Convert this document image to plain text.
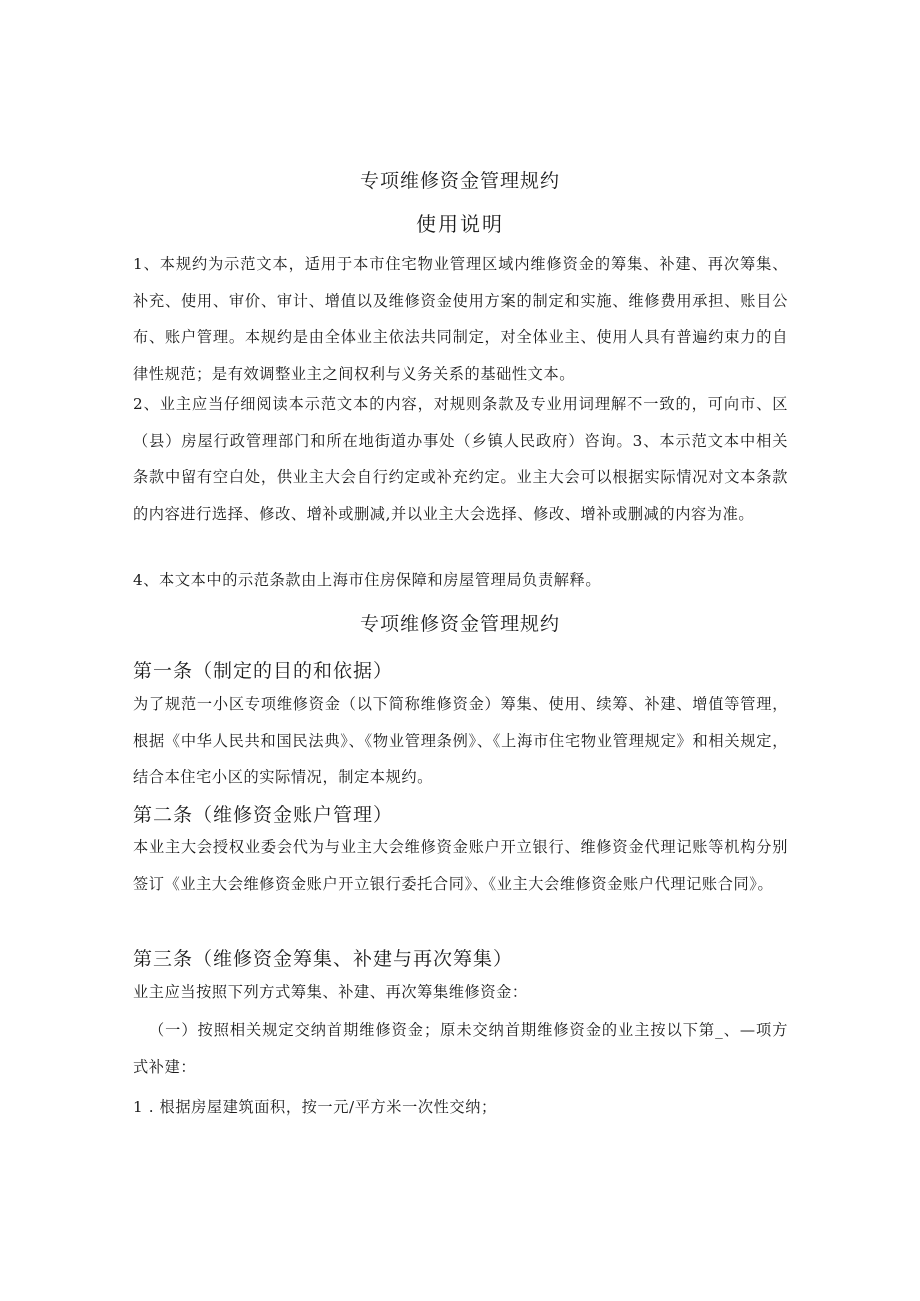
专项维修资金管理规约
使用说明

1、本规约为示范文本，适用于本市住宅物业管理区域内维修资金的筹集、补建、再次筹集、补充、使用、审价、审计、增值以及维修资金使用方案的制定和实施、维修费用承担、账目公布、账户管理。本规约是由全体业主依法共同制定，对全体业主、使用人具有普遍约束力的自律性规范；是有效调整业主之间权利与义务关系的基础性文本。

2、业主应当仔细阅读本示范文本的内容，对规则条款及专业用词理解不一致的，可向市、区（县）房屋行政管理部门和所在地街道办事处（乡镇人民政府）咨询。3、本示范文本中相关条款中留有空白处，供业主大会自行约定或补充约定。业主大会可以根据实际情况对文本条款的内容进行选择、修改、增补或删减,并以业主大会选择、修改、增补或删减的内容为准。

4、本文本中的示范条款由上海市住房保障和房屋管理局负责解释。

专项维修资金管理规约
第一条（制定的目的和依据）

为了规范一小区专项维修资金（以下简称维修资金）筹集、使用、续筹、补建、增值等管理，根据《中华人民共和国民法典》、《物业管理条例》、《上海市住宅物业管理规定》和相关规定，结合本住宅小区的实际情况，制定本规约。

第二条（维修资金账户管理）

本业主大会授权业委会代为与业主大会维修资金账户开立银行、维修资金代理记账等机构分别签订《业主大会维修资金账户开立银行委托合同》、《业主大会维修资金账户代理记账合同》。

第三条（维修资金筹集、补建与再次筹集）

业主应当按照下列方式筹集、补建、再次筹集维修资金：

（一）按照相关规定交纳首期维修资金；原未交纳首期维修资金的业主按以下第_、—项方式补建：

1 . 根据房屋建筑面积，按一元/平方米一次性交纳；
